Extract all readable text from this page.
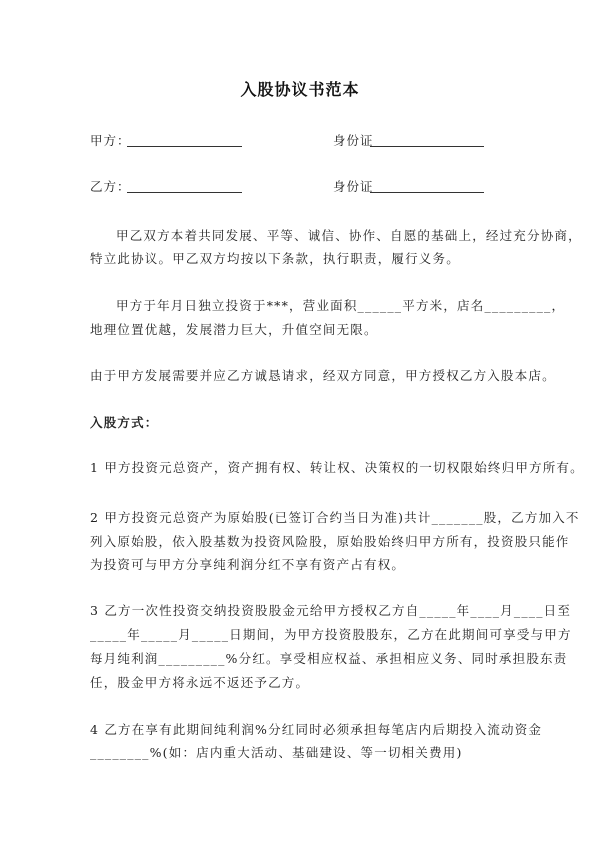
入股协议书范本
甲方：	身份证
乙方：	身份证
甲乙双方本着共同发展、平等、诚信、协作、自愿的基础上，经过充分协商，
特立此协议。甲乙双方均按以下条款，执行职责，履行义务。
甲方于年月日独立投资于***，营业面积______平方米，店名_________，
地理位置优越，发展潜力巨大，升值空间无限。
由于甲方发展需要并应乙方诚恳请求，经双方同意，甲方授权乙方入股本店。
入股方式：
1 甲方投资元总资产，资产拥有权、转让权、决策权的一切权限始终归甲方所有。
2 甲方投资元总资产为原始股(已签订合约当日为准)共计_______股，乙方加入不
列入原始股，依入股基数为投资风险股，原始股始终归甲方所有，投资股只能作
为投资可与甲方分享纯利润分红不享有资产占有权。
3 乙方一次性投资交纳投资股股金元给甲方授权乙方自_____年____月____日至
_____年_____月_____日期间，为甲方投资股股东，乙方在此期间可享受与甲方
每月纯利润_________%分红。享受相应权益、承担相应义务、同时承担股东责
任，股金甲方将永远不返还予乙方。
4 乙方在享有此期间纯利润%分红同时必须承担每笔店内后期投入流动资金
________%(如：店内重大活动、基础建设、等一切相关费用)
